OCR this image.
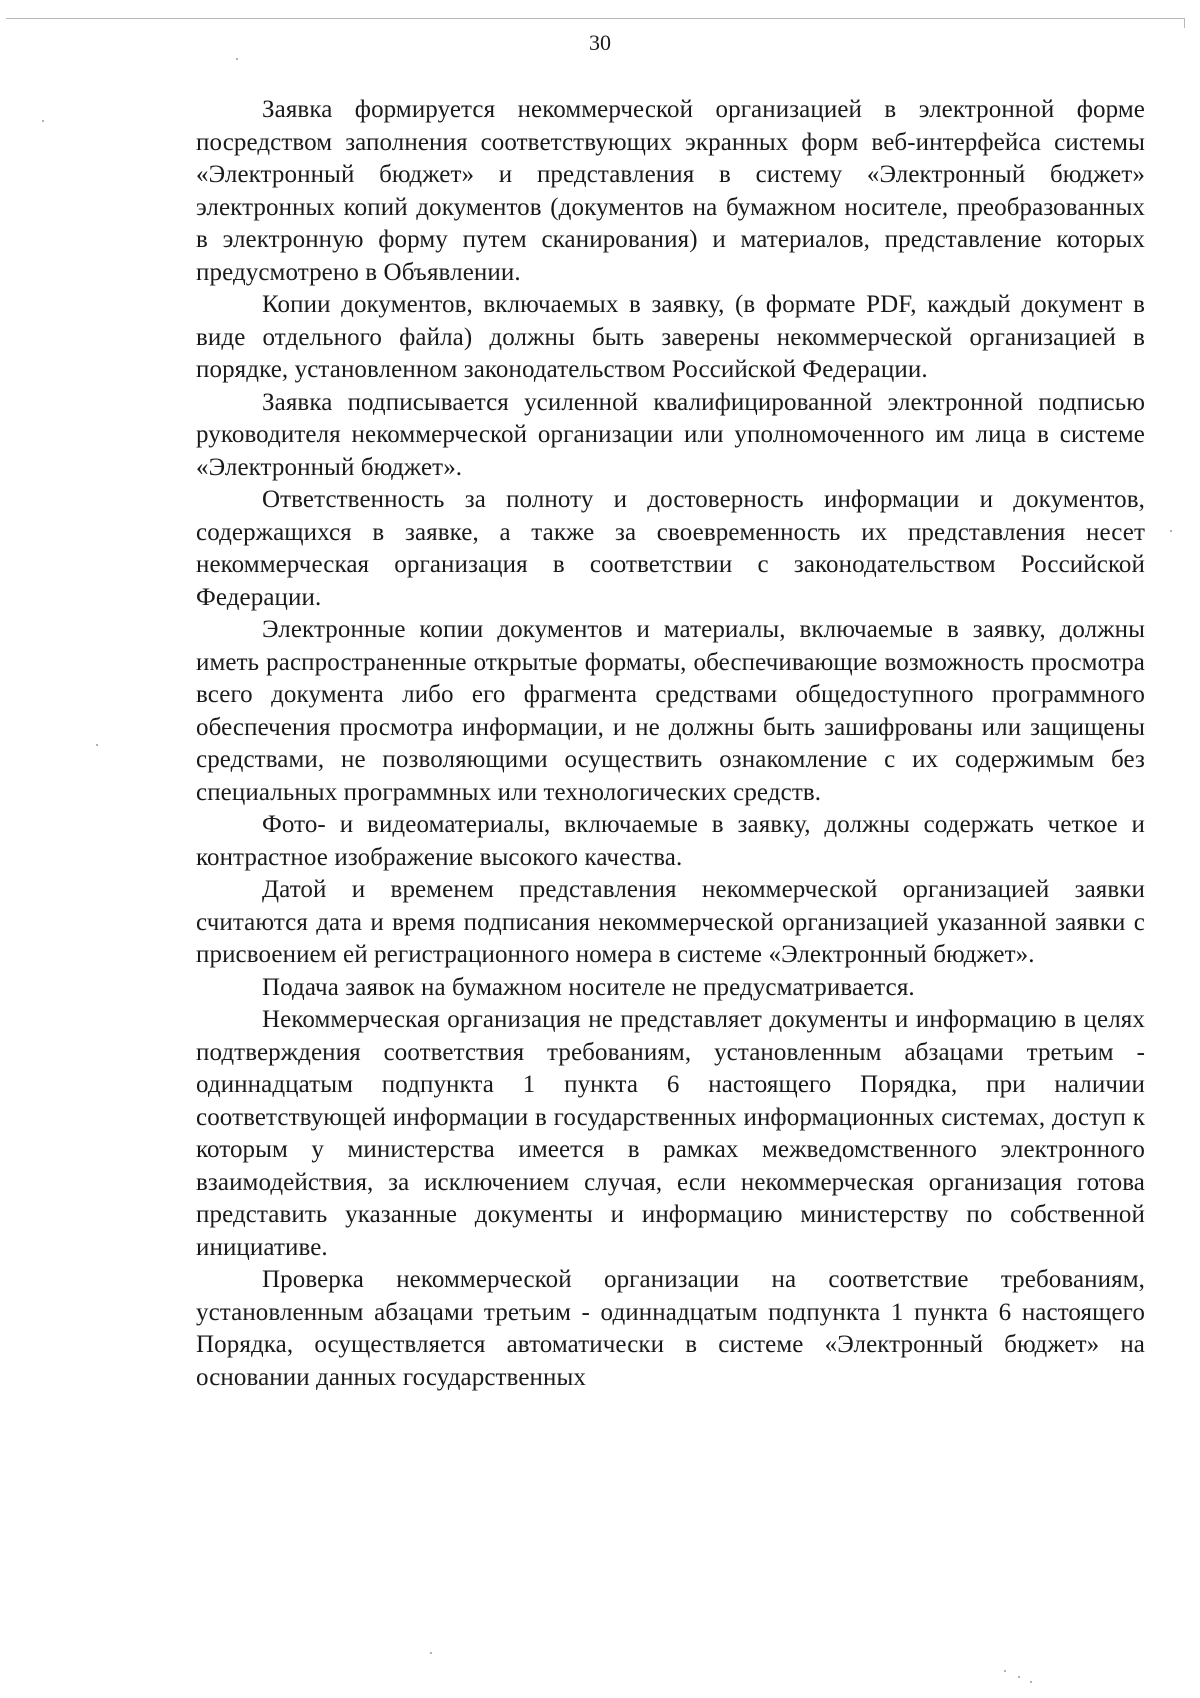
30

Заявка формируется некоммерческой организацией в электронной форме посредством заполнения соответствующих экранных форм веб-интерфейса системы «Электронный бюджет» и представления в систему «Электронный бюджет» электронных копий документов (документов на бумажном носителе, преобразованных в электронную форму путем сканирования) и материалов, представление которых предусмотрено в Объявлении.

Копии документов, включаемых в заявку, (в формате PDF, каждый документ в виде отдельного файла) должны быть заверены некоммерческой организацией в порядке, установленном законодательством Российской Федерации.

Заявка подписывается усиленной квалифицированной электронной подписью руководителя некоммерческой организации или уполномоченного им лица в системе «Электронный бюджет».

Ответственность за полноту и достоверность информации и документов, содержащихся в заявке, а также за своевременность их представления несет некоммерческая организация в соответствии с законодательством Российской Федерации.

Электронные копии документов и материалы, включаемые в заявку, должны иметь распространенные открытые форматы, обеспечивающие возможность просмотра всего документа либо его фрагмента средствами общедоступного программного обеспечения просмотра информации, и не должны быть зашифрованы или защищены средствами, не позволяющими осуществить ознакомление с их содержимым без специальных программных или технологических средств.

Фото- и видеоматериалы, включаемые в заявку, должны содержать четкое и контрастное изображение высокого качества.

Датой и временем представления некоммерческой организацией заявки считаются дата и время подписания некоммерческой организацией указанной заявки с присвоением ей регистрационного номера в системе «Электронный бюджет».

Подача заявок на бумажном носителе не предусматривается.

Некоммерческая организация не представляет документы и информацию в целях подтверждения соответствия требованиям, установленным абзацами третьим - одиннадцатым подпункта 1 пункта 6 настоящего Порядка, при наличии соответствующей информации в государственных информационных системах, доступ к которым у министерства имеется в рамках межведомственного электронного взаимодействия, за исключением случая, если некоммерческая организация готова представить указанные документы и информацию министерству по собственной инициативе.

Проверка некоммерческой организации на соответствие требованиям, установленным абзацами третьим - одиннадцатым подпункта 1 пункта 6 настоящего Порядка, осуществляется автоматически в системе «Электронный бюджет» на основании данных государственных
